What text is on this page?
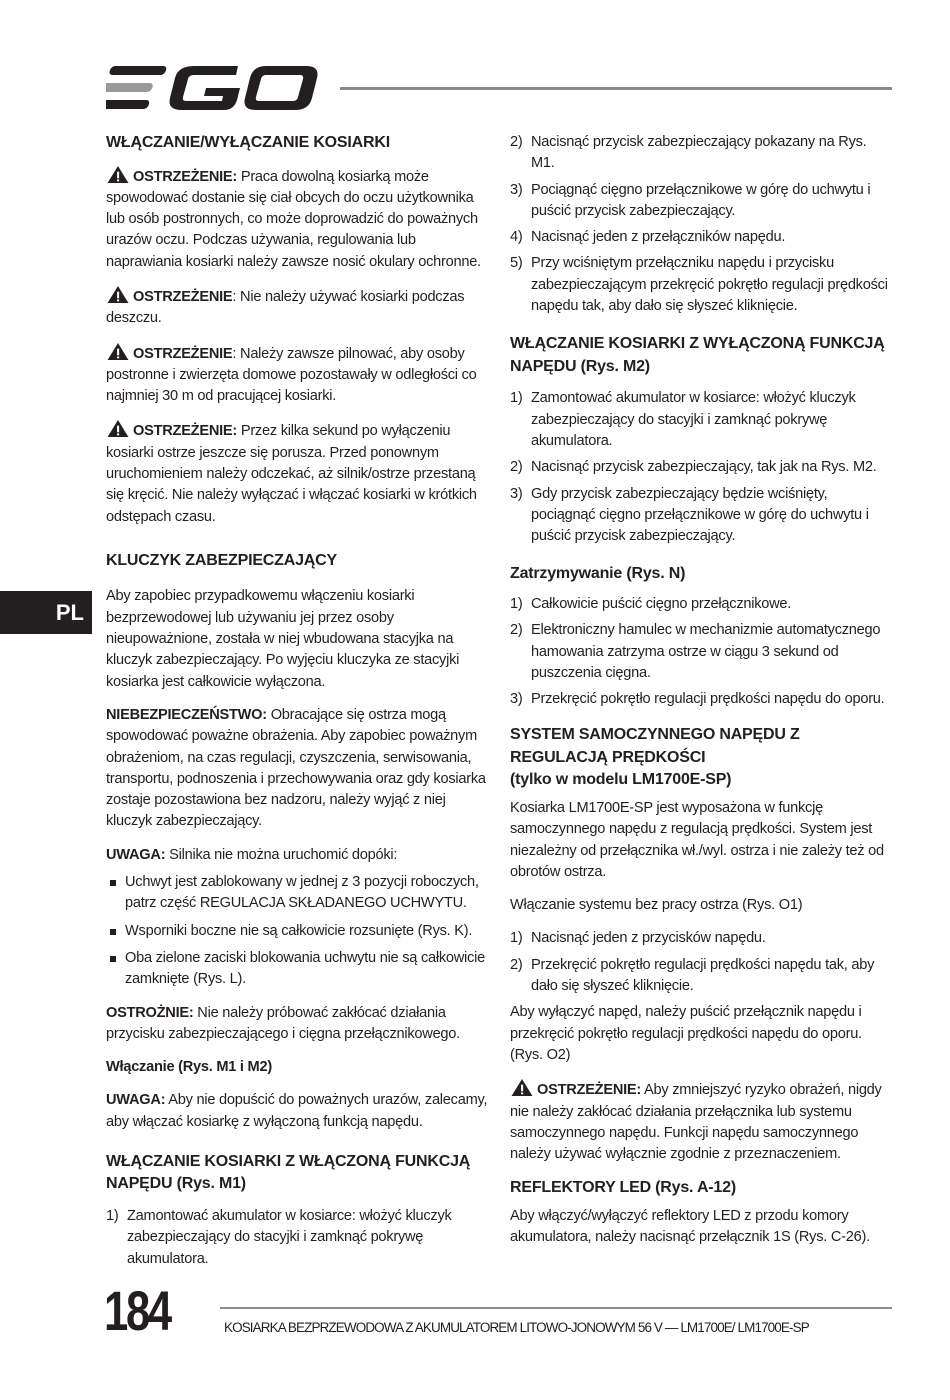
PL
WŁĄCZANIE/WYŁĄCZANIE KOSIARKI

OSTRZEŻENIE: Praca dowolną kosiarką może spowodować dostanie się ciał obcych do oczu użytkownika lub osób postronnych, co może doprowadzić do poważnych urazów oczu. Podczas używania, regulowania lub naprawiania kosiarki należy zawsze nosić okulary ochronne.

OSTRZEŻENIE: Nie należy używać kosiarki podczas deszczu.

OSTRZEŻENIE: Należy zawsze pilnować, aby osoby postronne i zwierzęta domowe pozostawały w odległości co najmniej 30 m od pracującej kosiarki.

OSTRZEŻENIE: Przez kilka sekund po wyłączeniu kosiarki ostrze jeszcze się porusza. Przed ponownym uruchomieniem należy odczekać, aż silnik/ostrze przestaną się kręcić. Nie należy wyłączać i włączać kosiarki w krótkich odstępach czasu.

KLUCZYK ZABEZPIECZAJĄCY

Aby zapobiec przypadkowemu włączeniu kosiarki bezprzewodowej lub używaniu jej przez osoby nieupoważnione, została w niej wbudowana stacyjka na kluczyk zabezpieczający. Po wyjęciu kluczyka ze stacyjki kosiarka jest całkowicie wyłączona.

NIEBEZPIECZEŃSTWO: Obracające się ostrza mogą spowodować poważne obrażenia. Aby zapobiec poważnym obrażeniom, na czas regulacji, czyszczenia, serwisowania, transportu, podnoszenia i przechowywania oraz gdy kosiarka zostaje pozostawiona bez nadzoru, należy wyjąć z niej kluczyk zabezpieczający.

UWAGA: Silnika nie można uruchomić dopóki:

Uchwyt jest zablokowany w jednej z 3 pozycji roboczych, patrz część REGULACJA SKŁADANEGO UCHWYTU.
Wsporniki boczne nie są całkowicie rozsunięte (Rys. K).
Oba zielone zaciski blokowania uchwytu nie są całkowicie zamknięte (Rys. L).

OSTROŻNIE: Nie należy próbować zakłócać działania przycisku zabezpieczającego i cięgna przełącznikowego.

Włączanie (Rys. M1 i M2)

UWAGA: Aby nie dopuścić do poważnych urazów, zalecamy, aby włączać kosiarkę z wyłączoną funkcją napędu.

WŁĄCZANIE KOSIARKI Z WŁĄCZONĄ FUNKCJĄ NAPĘDU (Rys. M1)
1) Zamontować akumulator w kosiarce: włożyć kluczyk zabezpieczający do stacyjki i zamknąć pokrywę akumulatora.
2) Nacisnąć przycisk zabezpieczający pokazany na Rys. M1.
3) Pociągnąć cięgno przełącznikowe w górę do uchwytu i puścić przycisk zabezpieczający.
4) Nacisnąć jeden z przełączników napędu.
5) Przy wciśniętym przełączniku napędu i przycisku zabezpieczającym przekręcić pokrętło regulacji prędkości napędu tak, aby dało się słyszeć kliknięcie.
WŁĄCZANIE KOSIARKI Z WYŁĄCZONĄ FUNKCJĄ NAPĘDU (Rys. M2)
1) Zamontować akumulator w kosiarce: włożyć kluczyk zabezpieczający do stacyjki i zamknąć pokrywę akumulatora.
2) Nacisnąć przycisk zabezpieczający, tak jak na Rys. M2.
3) Gdy przycisk zabezpieczający będzie wciśnięty, pociągnąć cięgno przełącznikowe w górę do uchwytu i puścić przycisk zabezpieczający.
Zatrzymywanie (Rys. N)
1) Całkowicie puścić cięgno przełącznikowe.
2) Elektroniczny hamulec w mechanizmie automatycznego hamowania zatrzyma ostrze w ciągu 3 sekund od puszczenia cięgna.
3) Przekręcić pokrętło regulacji prędkości napędu do oporu.
SYSTEM SAMOCZYNNEGO NAPĘDU Z REGULACJĄ PRĘDKOŚCI
(tylko w modelu LM1700E-SP)

Kosiarka LM1700E-SP jest wyposażona w funkcję samoczynnego napędu z regulacją prędkości. System jest niezależny od przełącznika wł./wyl. ostrza i nie zależy też od obrotów ostrza.

Włączanie systemu bez pracy ostrza (Rys. O1)

1) Nacisnąć jeden z przycisków napędu.
2) Przekręcić pokrętło regulacji prędkości napędu tak, aby dało się słyszeć kliknięcie.

Aby wyłączyć napęd, należy puścić przełącznik napędu i przekręcić pokrętło regulacji prędkości napędu do oporu. (Rys. O2)

OSTRZEŻENIE: Aby zmniejszyć ryzyko obrażeń, nigdy nie należy zakłócać działania przełącznika lub systemu samoczynnego napędu. Funkcji napędu samoczynnego należy używać wyłącznie zgodnie z przeznaczeniem.

REFLEKTORY LED (Rys. A-12)

Aby włączyć/wyłączyć reflektory LED z przodu komory akumulatora, należy nacisnąć przełącznik 1S (Rys. C-26).

184	KOSIARKA BEZPRZEWODOWA Z AKUMULATOREM LITOWO-JONOWYM 56 V — LM1700E/ LM1700E-SP
